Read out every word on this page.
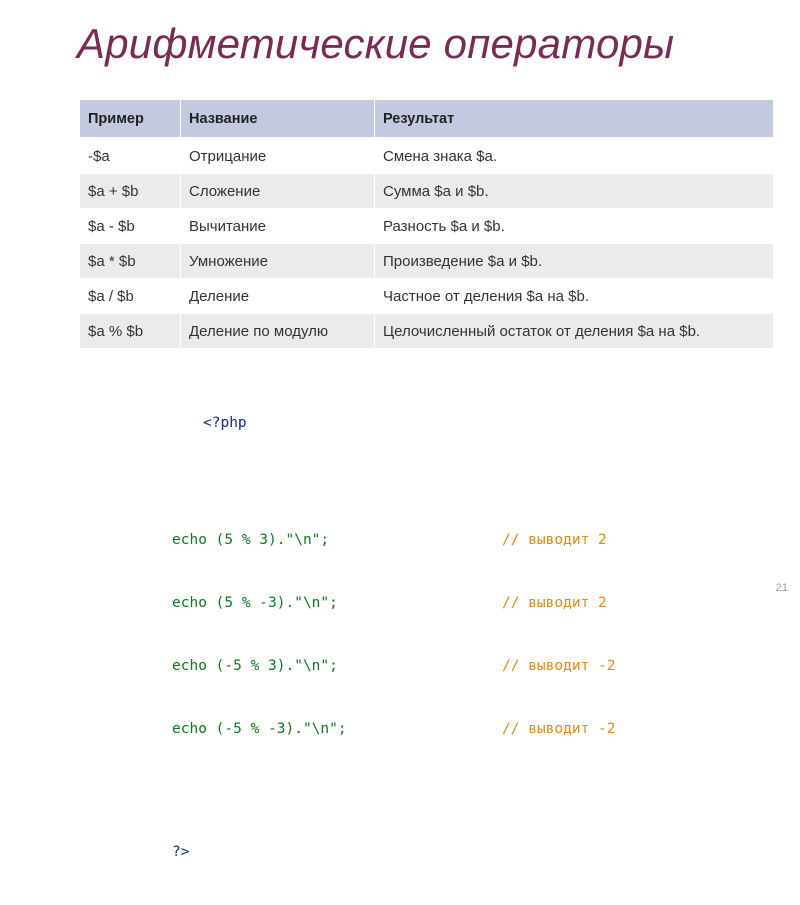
Арифметические операторы
Пример	Название	Результат
-$a	Отрицание	Смена знака $a.
$a + $b	Сложение	Сумма $a и $b.
$a - $b	Вычитание	Разность $a и $b.
$a * $b	Умножение	Произведение $a и $b.
$a / $b	Деление	Частное от деления $a на $b.
$a % $b	Деление по модулю	Целочисленный остаток от деления $a на $b.

<?php

echo (5 % 3)."\n";	// выводит 2

echo (5 % -3)."\n";	// выводит 2

echo (-5 % 3)."\n";	// выводит -2

echo (-5 % -3)."\n";	// выводит -2

?>

21
